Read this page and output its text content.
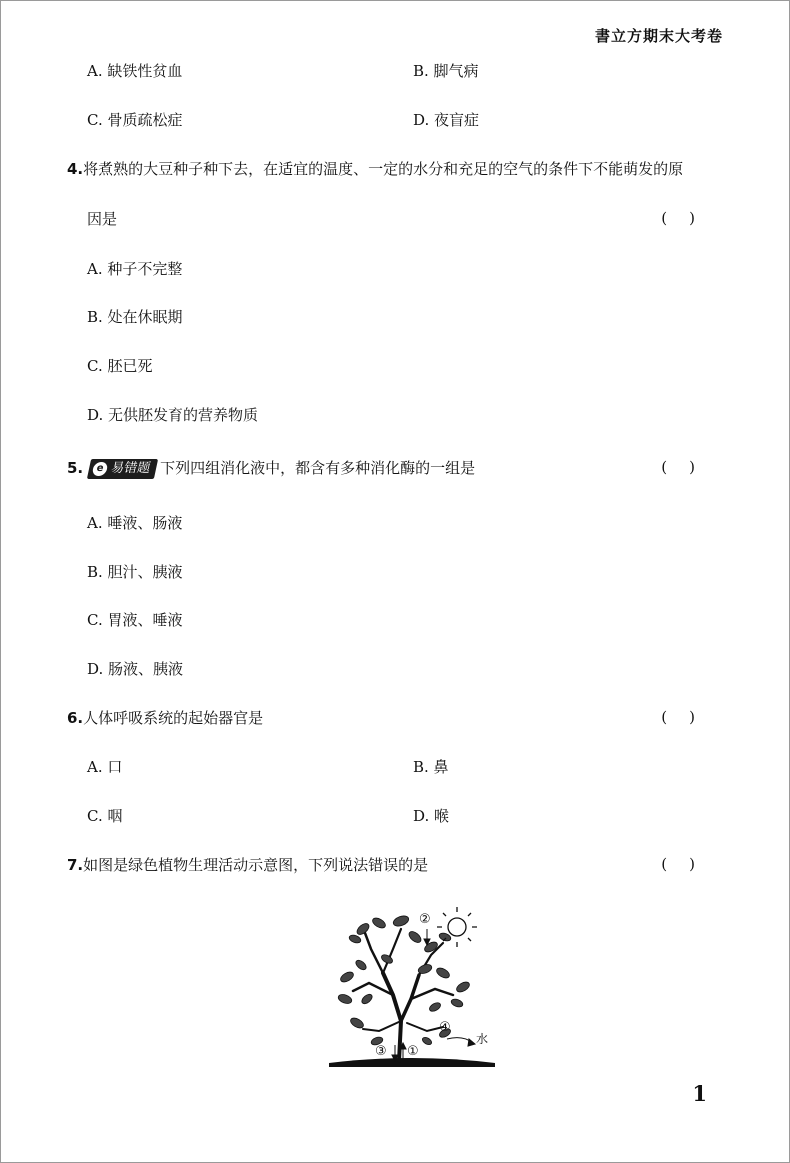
書立方期末大考卷
A. 缺铁性贫血	B. 脚气病
C. 骨质疏松症	D. 夜盲症
4.将煮熟的大豆种子种下去，在适宜的温度、一定的水分和充足的空气的条件下不能萌发的原
因是	()
A. 种子不完整
B. 处在休眠期
C. 胚已死
D. 无供胚发育的营养物质
5. e 易错题 下列四组消化液中，都含有多种消化酶的一组是	()
A. 唾液、肠液
B. 胆汁、胰液
C. 胃液、唾液
D. 肠液、胰液
6.人体呼吸系统的起始器官是	()
A. 口	B. 鼻
C. 咽	D. 喉
7.如图是绿色植物生理活动示意图，下列说法错误的是	()
②
④
水
③ ①
1
